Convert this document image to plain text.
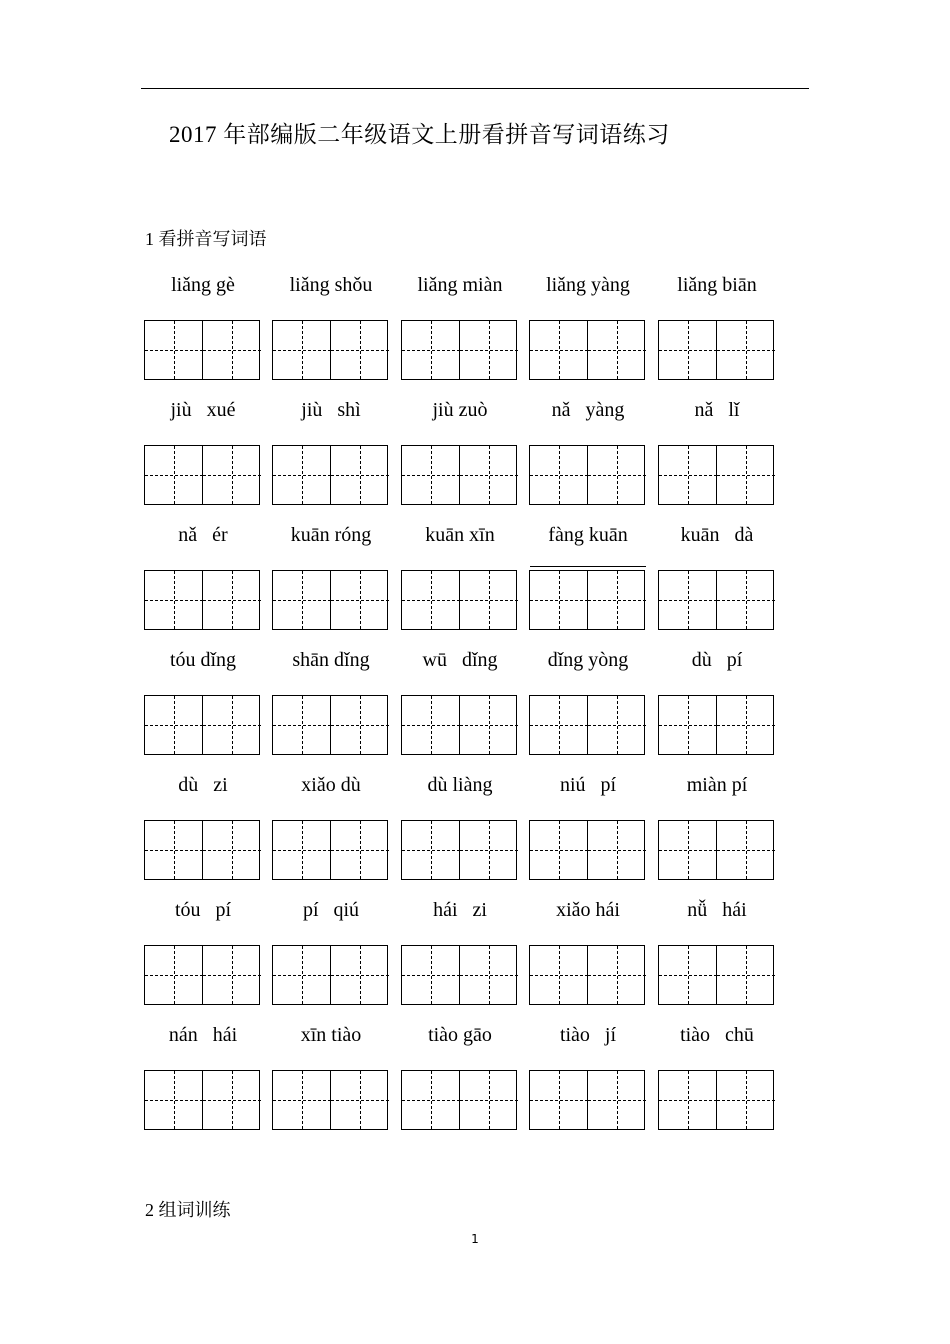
2017 年部编版二年级语文上册看拼音写词语练习
1 看拼音写词语
liǎng gè	liǎng shǒu	liǎng miàn	liǎng yàng	liǎng biān
jiù   xué	jiù   shì	jiù zuò	nǎ   yàng	nǎ   lǐ
nǎ   ér	kuān róng	kuān xīn	fàng kuān	kuān   dà
tóu dǐng	shān dǐng	wū   dǐng	dǐng yòng	dù   pí
dù   zi	xiǎo dù	dù liàng	niú   pí	miàn pí
tóu   pí	pí   qiú	hái   zi	xiǎo hái	nǚ   hái
nán   hái	xīn tiào	tiào gāo	tiào   jí	tiào   chū
2 组词训练
1
